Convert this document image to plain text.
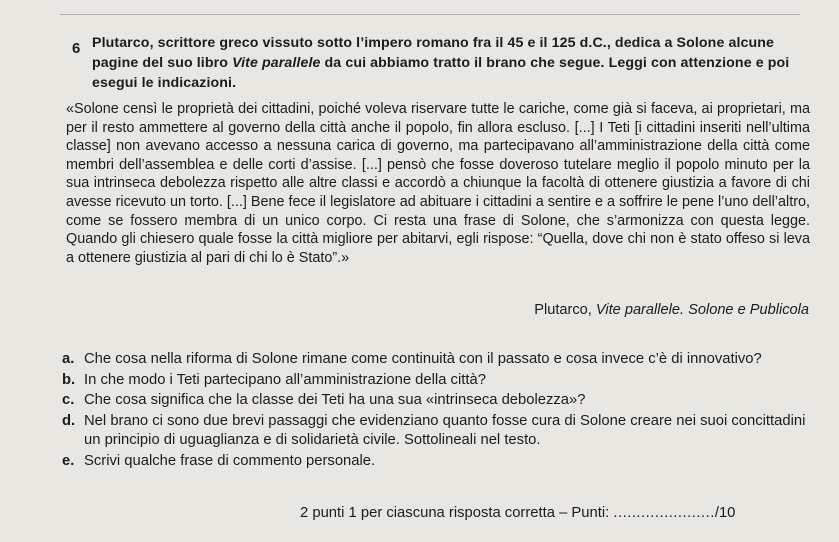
6 Plutarco, scrittore greco vissuto sotto l’impero romano fra il 45 e il 125 d.C., dedica a Solone alcune pagine del suo libro Vite parallele da cui abbiamo tratto il brano che segue. Leggi con attenzione e poi esegui le indicazioni.
«Solone censì le proprietà dei cittadini, poiché voleva riservare tutte le cariche, come già si faceva, ai proprietari, ma per il resto ammettere al governo della città anche il popolo, fin allora escluso. [...] I Teti [i cittadini inseriti nell’ultima classe] non avevano accesso a nessuna carica di governo, ma partecipavano all’amministrazione della città come membri dell’assemblea e delle corti d’assise. [...] pensò che fosse doveroso tutelare meglio il popolo minuto per la sua intrinseca debolezza rispetto alle altre classi e accordò a chiunque la facoltà di ottenere giustizia a favore di chi avesse ricevuto un torto. [...] Bene fece il legislatore ad abituare i cittadini a sentire e a soffrire le pene l’uno dell’altro, come se fossero membra di un unico corpo. Ci resta una frase di Solone, che s’armonizza con questa legge. Quando gli chiesero quale fosse la città migliore per abitarvi, egli rispose: “Quella, dove chi non è stato offeso si leva a ottenere giustizia al pari di chi lo è Stato”.»
Plutarco, Vite parallele. Solone e Publicola
a. Che cosa nella riforma di Solone rimane come continuità con il passato e cosa invece c’è di innovativo?
b. In che modo i Teti partecipano all’amministrazione della città?
c. Che cosa significa che la classe dei Teti ha una sua «intrinseca debolezza»?
d. Nel brano ci sono due brevi passaggi che evidenziano quanto fosse cura di Solone creare nei suoi concittadini un principio di uguaglianza e di solidarietà civile. Sottolineali nel testo.
e. Scrivi qualche frase di commento personale.
2 punti 1 per ciascuna risposta corretta – Punti: ....................../10
